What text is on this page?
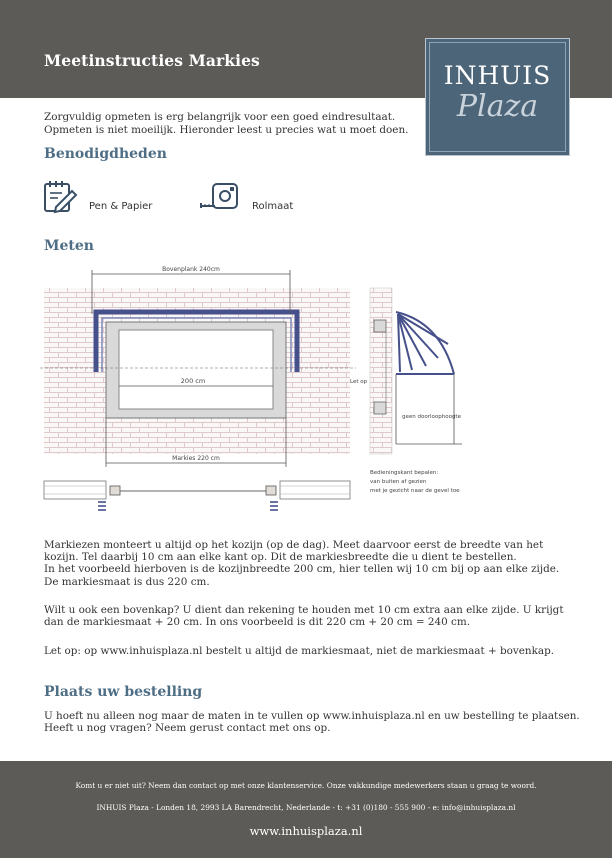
Meetinstructies Markies
INHUIS
Plaza
Zorgvuldig opmeten is erg belangrijk voor een goed eindresultaat.
Opmeten is niet moeilijk. Hieronder leest u precies wat u moet doen.
Benodigdheden
Pen & Papier	Rolmaat
Meten
Bovenplank 240cm
200 cm
Markies 220 cm
Let op
geen doorloophoogte
Bedieningskant bepalen:
van buiten af gezien
met je gezicht naar de gevel toe
Markiezen monteert u altijd op het kozijn (op de dag). Meet daarvoor eerst de breedte van het
kozijn. Tel daarbij 10 cm aan elke kant op. Dit de markiesbreedte die u dient te bestellen.
In het voorbeeld hierboven is de kozijnbreedte 200 cm, hier tellen wij 10 cm bij op aan elke zijde.
De markiesmaat is dus 220 cm.
Wilt u ook een bovenkap? U dient dan rekening te houden met 10 cm extra aan elke zijde. U krijgt
dan de markiesmaat + 20 cm. In ons voorbeeld is dit 220 cm + 20 cm = 240 cm.
Let op: op www.inhuisplaza.nl bestelt u altijd de markiesmaat, niet de markiesmaat + bovenkap.
Plaats uw bestelling
U hoeft nu alleen nog maar de maten in te vullen op www.inhuisplaza.nl en uw bestelling te plaatsen.
Heeft u nog vragen? Neem gerust contact met ons op.
Komt u er niet uit? Neem dan contact op met onze klantenservice. Onze vakkundige medewerkers staan u graag te woord.
INHUIS Plaza - Londen 18, 2993 LA Barendrecht, Nederlande - t: +31 (0)180 - 555 900 - e: info@inhuisplaza.nl
www.inhuisplaza.nl
